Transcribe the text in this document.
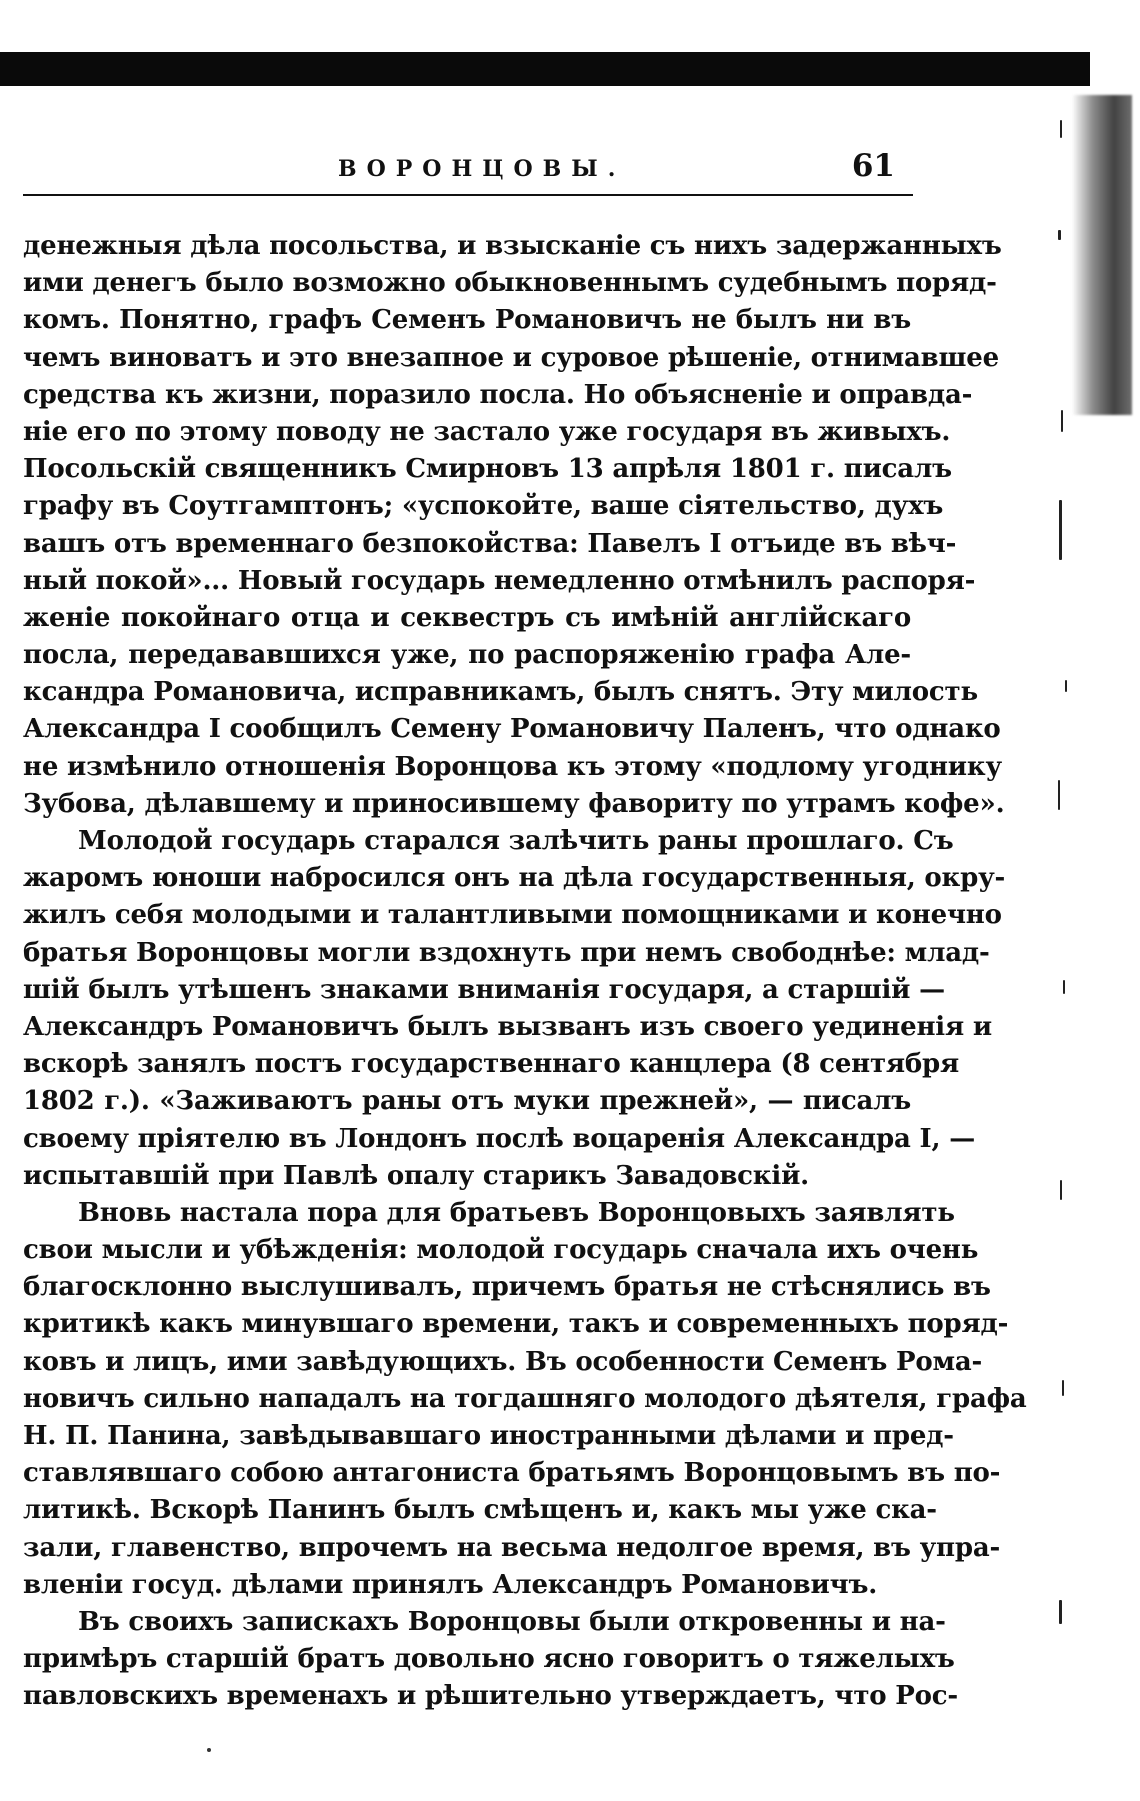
ВОРОНЦОВЫ.	61
денежныя дѣла посольства, и взысканіе съ нихъ задержанныхъ
ими денегъ было возможно обыкновеннымъ судебнымъ поряд-
комъ. Понятно, графъ Семенъ Романовичъ не былъ ни въ
чемъ виноватъ и это внезапное и суровое рѣшеніе, отнимавшее
средства къ жизни, поразило посла. Но объясненіе и оправда-
ніе его по этому поводу не застало уже государя въ живыхъ.
Посольскій священникъ Смирновъ 13 апрѣля 1801 г. писалъ
графу въ Соутгамптонъ; «успокойте, ваше сіятельство, духъ
вашъ отъ временнаго безпокойства: Павелъ I отъиде въ вѣч-
ный покой»... Новый государь немедленно отмѣнилъ распоря-
женіе покойнаго отца и секвестръ съ имѣній англійскаго
посла, передававшихся уже, по распоряженію графа Але-
ксандра Романовича, исправникамъ, былъ снятъ. Эту милость
Александра I сообщилъ Семену Романовичу Паленъ, что однако
не измѣнило отношенія Воронцова къ этому «подлому угоднику
Зубова, дѣлавшему и приносившему фавориту по утрамъ кофе».
Молодой государь старался залѣчить раны прошлаго. Съ
жаромъ юноши набросился онъ на дѣла государственныя, окру-
жилъ себя молодыми и талантливыми помощниками и конечно
братья Воронцовы могли вздохнуть при немъ свободнѣе: млад-
шій былъ утѣшенъ знаками вниманія государя, а старшій —
Александръ Романовичъ былъ вызванъ изъ своего уединенія и
вскорѣ занялъ постъ государственнаго канцлера (8 сентября
1802 г.). «Заживаютъ раны отъ муки прежней», — писалъ
своему пріятелю въ Лондонъ послѣ воцаренія Александра I, —
испытавшій при Павлѣ опалу старикъ Завадовскій.
Вновь настала пора для братьевъ Воронцовыхъ заявлять
свои мысли и убѣжденія: молодой государь сначала ихъ очень
благосклонно выслушивалъ, причемъ братья не стѣснялись въ
критикѣ какъ минувшаго времени, такъ и современныхъ поряд-
ковъ и лицъ, ими завѣдующихъ. Въ особенности Семенъ Рома-
новичъ сильно нападалъ на тогдашняго молодого дѣятеля, графа
Н. П. Панина, завѣдывавшаго иностранными дѣлами и пред-
ставлявшаго собою антагониста братьямъ Воронцовымъ въ по-
литикѣ. Вскорѣ Панинъ былъ смѣщенъ и, какъ мы уже ска-
зали, главенство, впрочемъ на весьма недолгое время, въ упра-
вленіи госуд. дѣлами принялъ Александръ Романовичъ.
Въ своихъ запискахъ Воронцовы были откровенны и на-
примѣръ старшій братъ довольно ясно говоритъ о тяжелыхъ
павловскихъ временахъ и рѣшительно утверждаетъ, что Рос-
